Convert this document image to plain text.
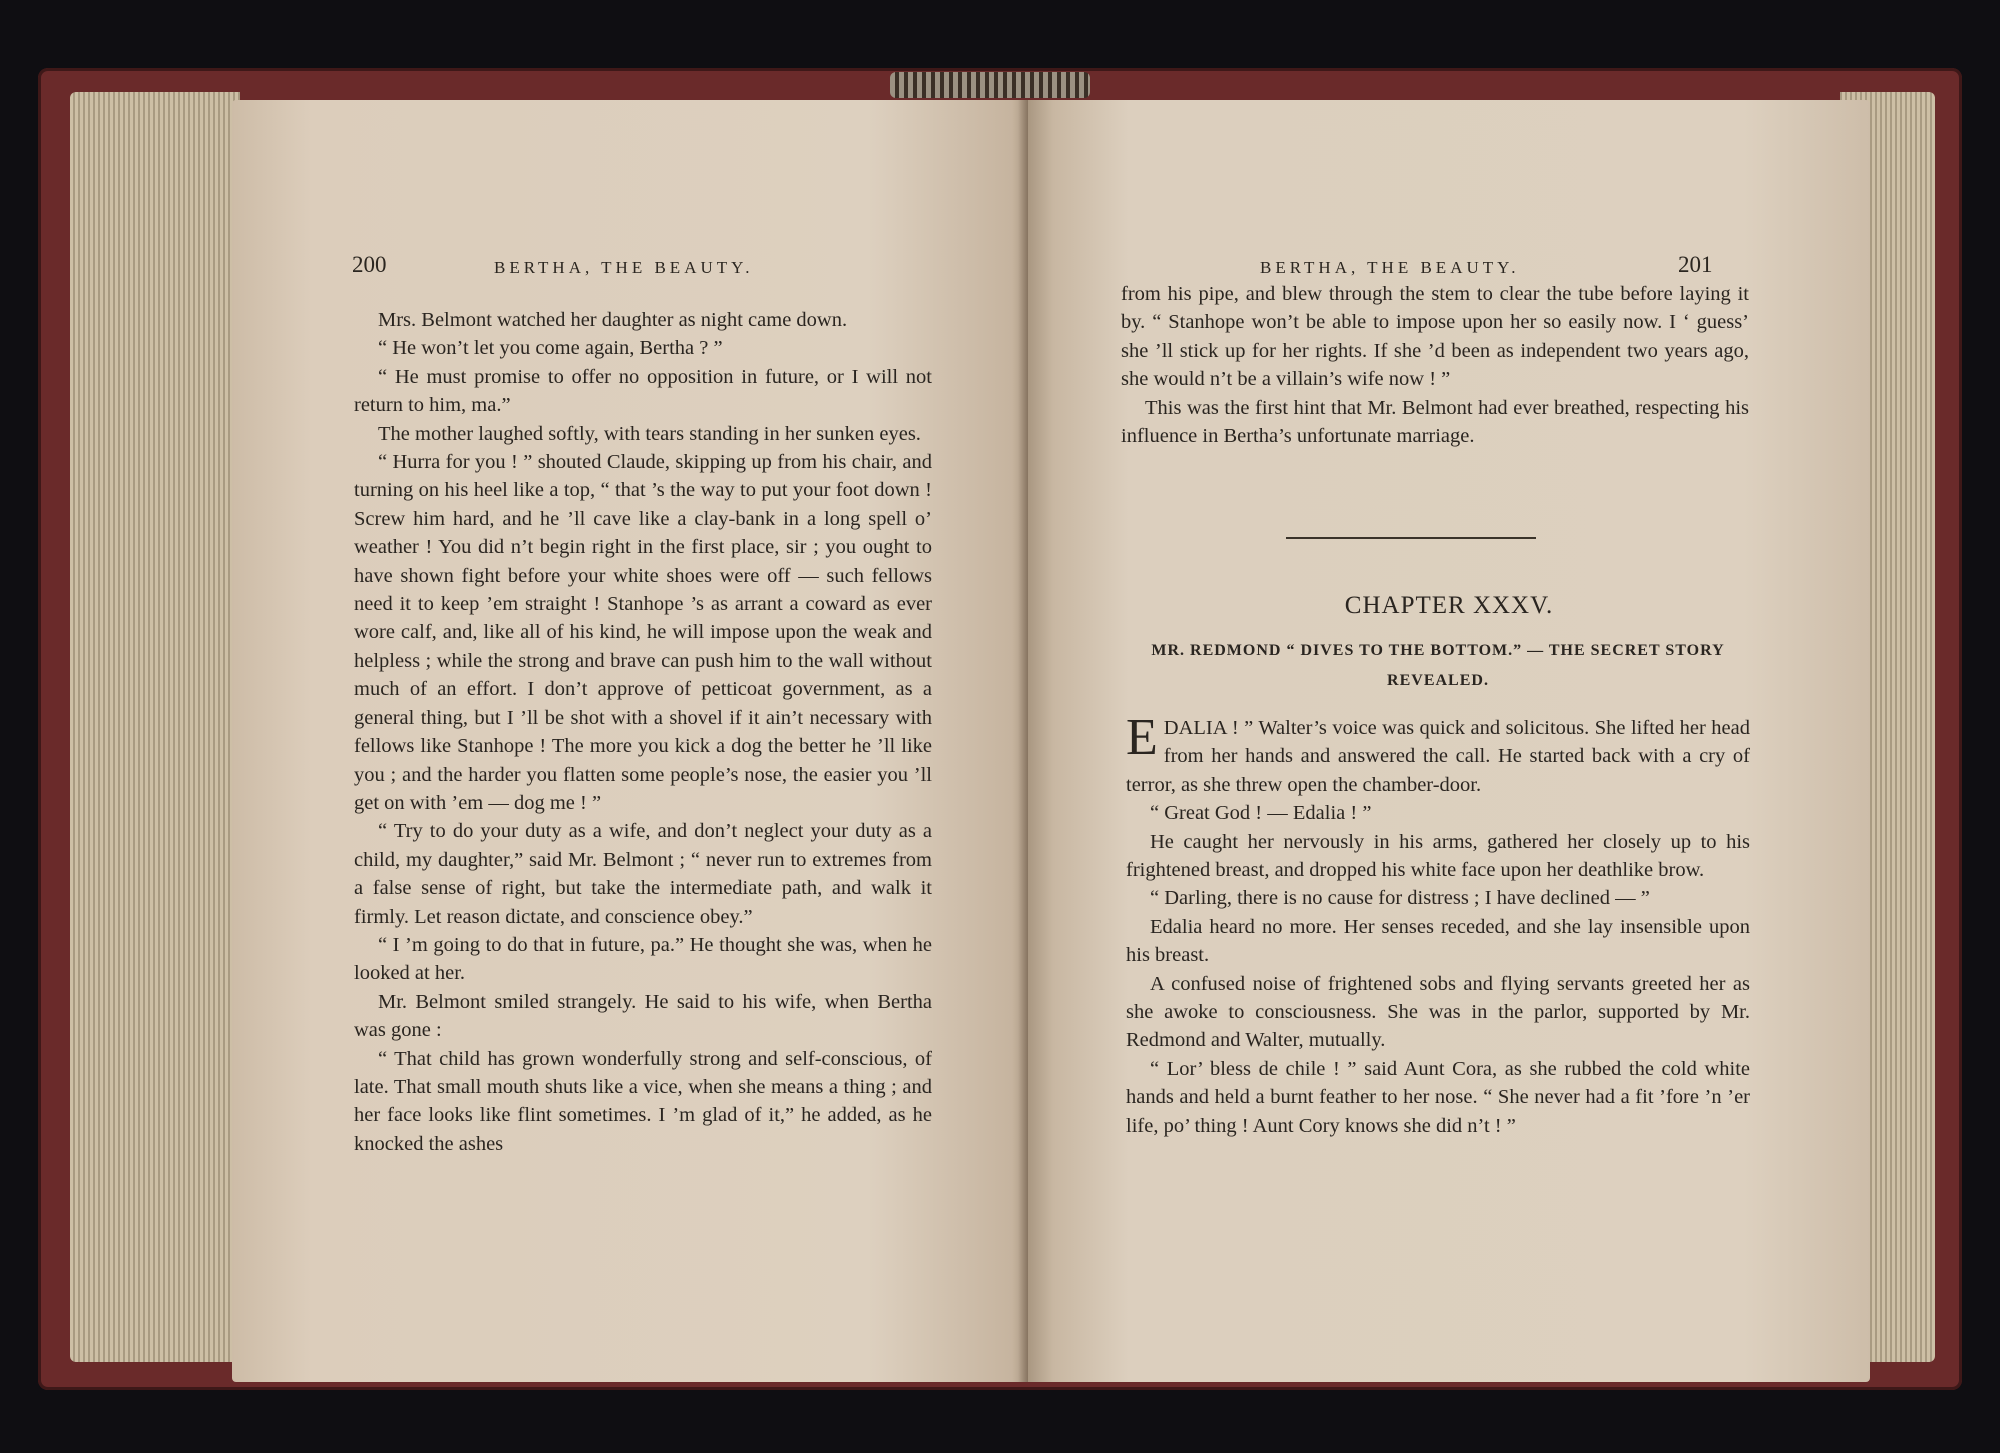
200	BERTHA, THE BEAUTY.

Mrs. Belmont watched her daughter as night came down.

“ He won’t let you come again, Bertha ? ”

“ He must promise to offer no opposition in future, or I will not return to him, ma.”

The mother laughed softly, with tears standing in her sunken eyes.

“ Hurra for you ! ” shouted Claude, skipping up from his chair, and turning on his heel like a top, “ that ’s the way to put your foot down ! Screw him hard, and he ’ll cave like a clay-bank in a long spell o’ weather ! You did n’t begin right in the first place, sir ; you ought to have shown fight before your white shoes were off — such fellows need it to keep ’em straight ! Stanhope ’s as arrant a coward as ever wore calf, and, like all of his kind, he will impose upon the weak and helpless ; while the strong and brave can push him to the wall without much of an effort. I don’t approve of petticoat government, as a general thing, but I ’ll be shot with a shovel if it ain’t necessary with fellows like Stanhope ! The more you kick a dog the better he ’ll like you ; and the harder you flatten some people’s nose, the easier you ’ll get on with ’em — dog me ! ”

“ Try to do your duty as a wife, and don’t neglect your duty as a child, my daughter,” said Mr. Belmont ; “ never run to extremes from a false sense of right, but take the intermediate path, and walk it firmly. Let reason dictate, and conscience obey.”

“ I ’m going to do that in future, pa.” He thought she was, when he looked at her.

Mr. Belmont smiled strangely. He said to his wife, when Bertha was gone :

“ That child has grown wonderfully strong and self-conscious, of late. That small mouth shuts like a vice, when she means a thing ; and her face looks like flint sometimes. I ’m glad of it,” he added, as he knocked the ashes

BERTHA, THE BEAUTY.	201

from his pipe, and blew through the stem to clear the tube before laying it by. “ Stanhope won’t be able to impose upon her so easily now. I ‘ guess’ she ’ll stick up for her rights. If she ’d been as independent two years ago, she would n’t be a villain’s wife now ! ”

This was the first hint that Mr. Belmont had ever breathed, respecting his influence in Bertha’s unfortunate marriage.

CHAPTER XXXV.
MR. REDMOND “ DIVES TO THE BOTTOM.” — THE SECRET STORY REVEALED.

EDALIA ! ” Walter’s voice was quick and solicitous. She lifted her head from her hands and answered the call. He started back with a cry of terror, as she threw open the chamber-door.

“ Great God ! — Edalia ! ”

He caught her nervously in his arms, gathered her closely up to his frightened breast, and dropped his white face upon her deathlike brow.

“ Darling, there is no cause for distress ; I have declined — ”

Edalia heard no more. Her senses receded, and she lay insensible upon his breast.

A confused noise of frightened sobs and flying servants greeted her as she awoke to consciousness. She was in the parlor, supported by Mr. Redmond and Walter, mutually.

“ Lor’ bless de chile ! ” said Aunt Cora, as she rubbed the cold white hands and held a burnt feather to her nose. “ She never had a fit ’fore ’n ’er life, po’ thing ! Aunt Cory knows she did n’t ! ”
